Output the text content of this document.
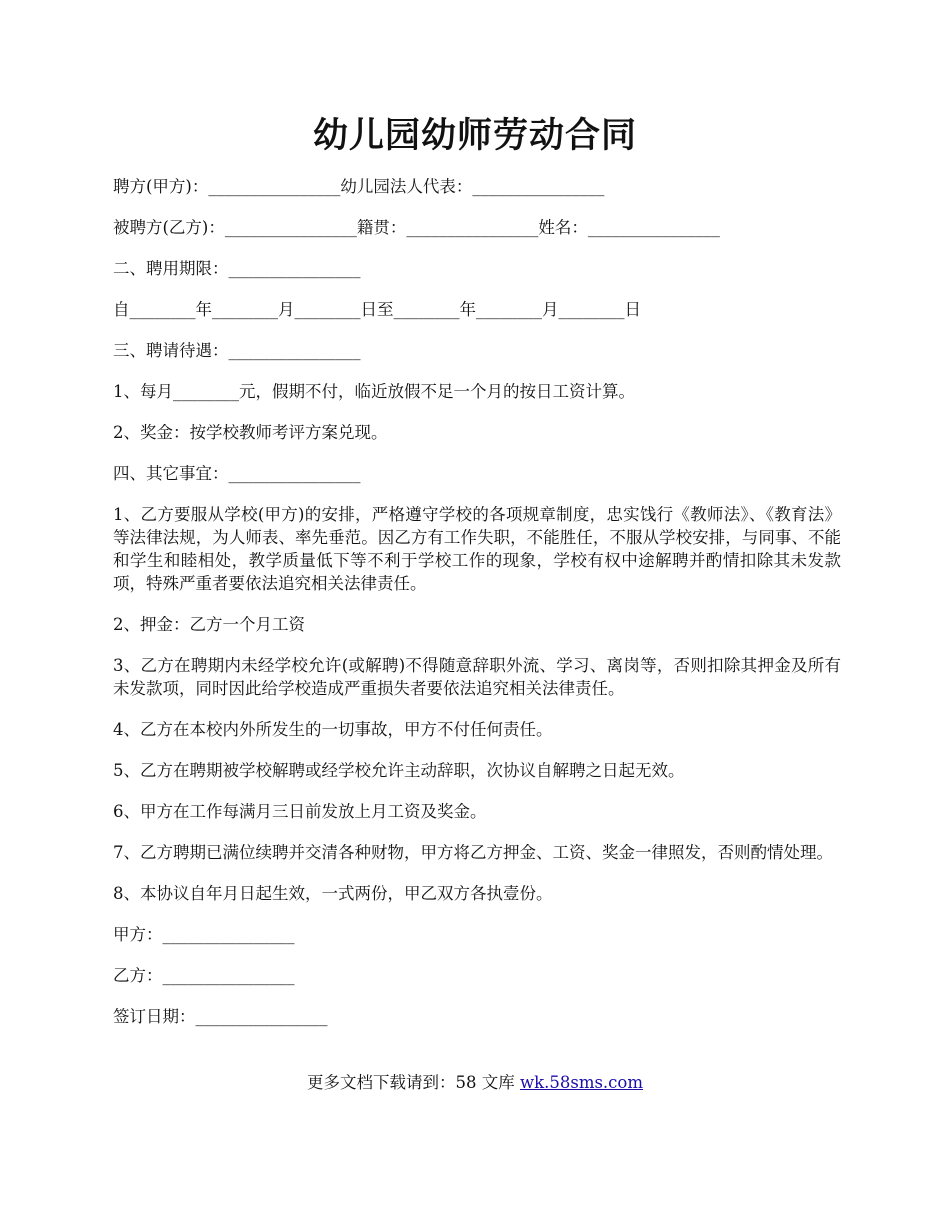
幼儿园幼师劳动合同
聘方(甲方)：________________幼儿园法人代表：________________
被聘方(乙方)：________________籍贯：________________姓名：________________
二、聘用期限：________________
自________年________月________日至________年________月________日
三、聘请待遇：________________
1、每月________元，假期不付，临近放假不足一个月的按日工资计算。
2、奖金：按学校教师考评方案兑现。
四、其它事宜：________________
1、乙方要服从学校(甲方)的安排，严格遵守学校的各项规章制度，忠实饯行《教师法》、《教育法》等法律法规，为人师表、率先垂范。因乙方有工作失职，不能胜任，不服从学校安排，与同事、不能和学生和睦相处，教学质量低下等不利于学校工作的现象，学校有权中途解聘并酌情扣除其未发款项，特殊严重者要依法追究相关法律责任。
2、押金：乙方一个月工资
3、乙方在聘期内未经学校允许(或解聘)不得随意辞职外流、学习、离岗等，否则扣除其押金及所有未发款项，同时因此给学校造成严重损失者要依法追究相关法律责任。
4、乙方在本校内外所发生的一切事故，甲方不付任何责任。
5、乙方在聘期被学校解聘或经学校允许主动辞职，次协议自解聘之日起无效。
6、甲方在工作每满月三日前发放上月工资及奖金。
7、乙方聘期已满位续聘并交清各种财物，甲方将乙方押金、工资、奖金一律照发，否则酌情处理。
8、本协议自年月日起生效，一式两份，甲乙双方各执壹份。
甲方：________________
乙方：________________
签订日期：________________
更多文档下载请到：58 文库 wk.58sms.com
